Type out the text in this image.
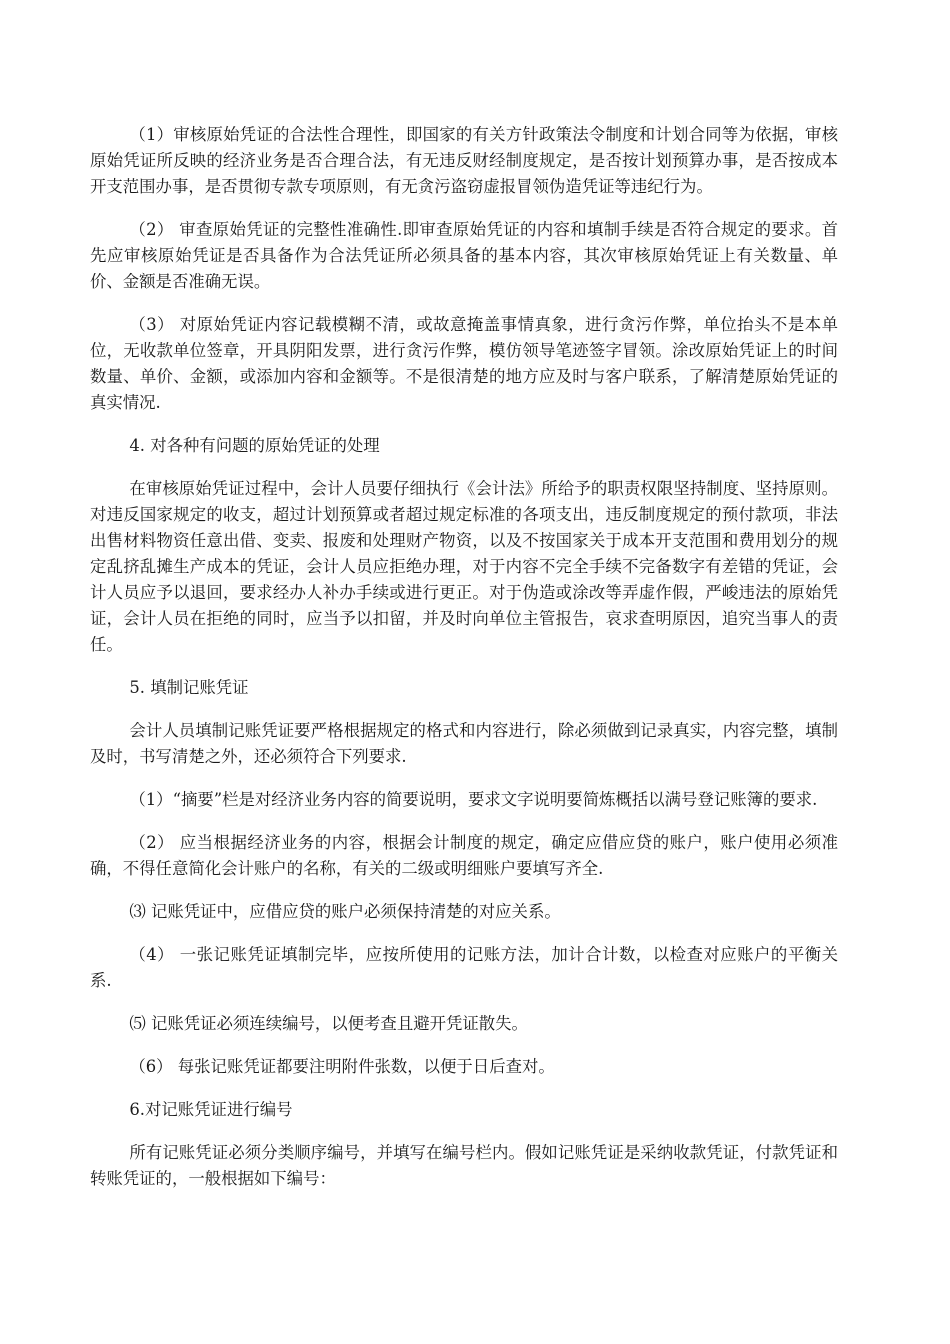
（1）审核原始凭证的合法性合理性，即国家的有关方针政策法令制度和计划合同等为依据，审核原始凭证所反映的经济业务是否合理合法，有无违反财经制度规定，是否按计划预算办事，是否按成本开支范围办事，是否贯彻专款专项原则，有无贪污盗窃虚报冒领伪造凭证等违纪行为。

（2） 审查原始凭证的完整性准确性.即审查原始凭证的内容和填制手续是否符合规定的要求。首先应审核原始凭证是否具备作为合法凭证所必须具备的基本内容，其次审核原始凭证上有关数量、单价、金额是否准确无误。

（3） 对原始凭证内容记载模糊不清，或故意掩盖事情真象，进行贪污作弊，单位抬头不是本单位，无收款单位签章，开具阴阳发票，进行贪污作弊，模仿领导笔迹签字冒领。涂改原始凭证上的时间数量、单价、金额，或添加内容和金额等。不是很清楚的地方应及时与客户联系，了解清楚原始凭证的真实情况.

4. 对各种有问题的原始凭证的处理

在审核原始凭证过程中，会计人员要仔细执行《会计法》所给予的职责权限坚持制度、坚持原则。对违反国家规定的收支，超过计划预算或者超过规定标准的各项支出，违反制度规定的预付款项，非法出售材料物资任意出借、变卖、报废和处理财产物资，以及不按国家关于成本开支范围和费用划分的规定乱挤乱摊生产成本的凭证，会计人员应拒绝办理，对于内容不完全手续不完备数字有差错的凭证，会计人员应予以退回，要求经办人补办手续或进行更正。对于伪造或涂改等弄虚作假，严峻违法的原始凭证，会计人员在拒绝的同时，应当予以扣留，并及时向单位主管报告，哀求查明原因，追究当事人的责任。

5. 填制记账凭证

会计人员填制记账凭证要严格根据规定的格式和内容进行，除必须做到记录真实，内容完整，填制及时，书写清楚之外，还必须符合下列要求.

（1）“摘要”栏是对经济业务内容的简要说明，要求文字说明要简炼概括以满号登记账簿的要求.

（2） 应当根据经济业务的内容，根据会计制度的规定，确定应借应贷的账户，账户使用必须准确，不得任意简化会计账户的名称，有关的二级或明细账户要填写齐全.

⑶ 记账凭证中，应借应贷的账户必须保持清楚的对应关系。

（4） 一张记账凭证填制完毕，应按所使用的记账方法，加计合计数，以检查对应账户的平衡关系.

⑸ 记账凭证必须连续编号，以便考查且避开凭证散失。

（6） 每张记账凭证都要注明附件张数，以便于日后查对。

6.对记账凭证进行编号

所有记账凭证必须分类顺序编号，并填写在编号栏内。假如记账凭证是采纳收款凭证，付款凭证和转账凭证的，一般根据如下编号：
